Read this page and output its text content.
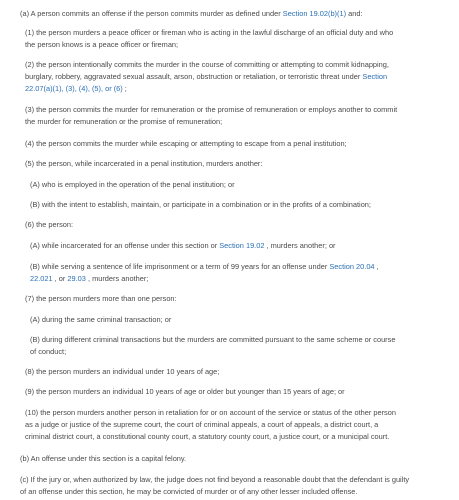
(a) A person commits an offense if the person commits murder as defined under Section 19.02(b)(1) and:

(1) the person murders a peace officer or fireman who is acting in the lawful discharge of an official duty and who
the person knows is a peace officer or fireman;

(2) the person intentionally commits the murder in the course of committing or attempting to commit kidnapping,
burglary, robbery, aggravated sexual assault, arson, obstruction or retaliation, or terroristic threat under Section
22.07(a)(1), (3), (4), (5), or (6) ;

(3) the person commits the murder for remuneration or the promise of remuneration or employs another to commit
the murder for remuneration or the promise of remuneration;

(4) the person commits the murder while escaping or attempting to escape from a penal institution;

(5) the person, while incarcerated in a penal institution, murders another:

(A) who is employed in the operation of the penal institution; or

(B) with the intent to establish, maintain, or participate in a combination or in the profits of a combination;

(6) the person:

(A) while incarcerated for an offense under this section or Section 19.02 , murders another; or

(B) while serving a sentence of life imprisonment or a term of 99 years for an offense under Section 20.04 ,
22.021 , or 29.03 , murders another;

(7) the person murders more than one person:

(A) during the same criminal transaction; or

(B) during different criminal transactions but the murders are committed pursuant to the same scheme or course
of conduct;

(8) the person murders an individual under 10 years of age;

(9) the person murders an individual 10 years of age or older but younger than 15 years of age; or

(10) the person murders another person in retaliation for or on account of the service or status of the other person
as a judge or justice of the supreme court, the court of criminal appeals, a court of appeals, a district court, a
criminal district court, a constitutional county court, a statutory county court, a justice court, or a municipal court.

(b) An offense under this section is a capital felony.

(c) If the jury or, when authorized by law, the judge does not find beyond a reasonable doubt that the defendant is guilty
of an offense under this section, he may be convicted of murder or of any other lesser included offense.
